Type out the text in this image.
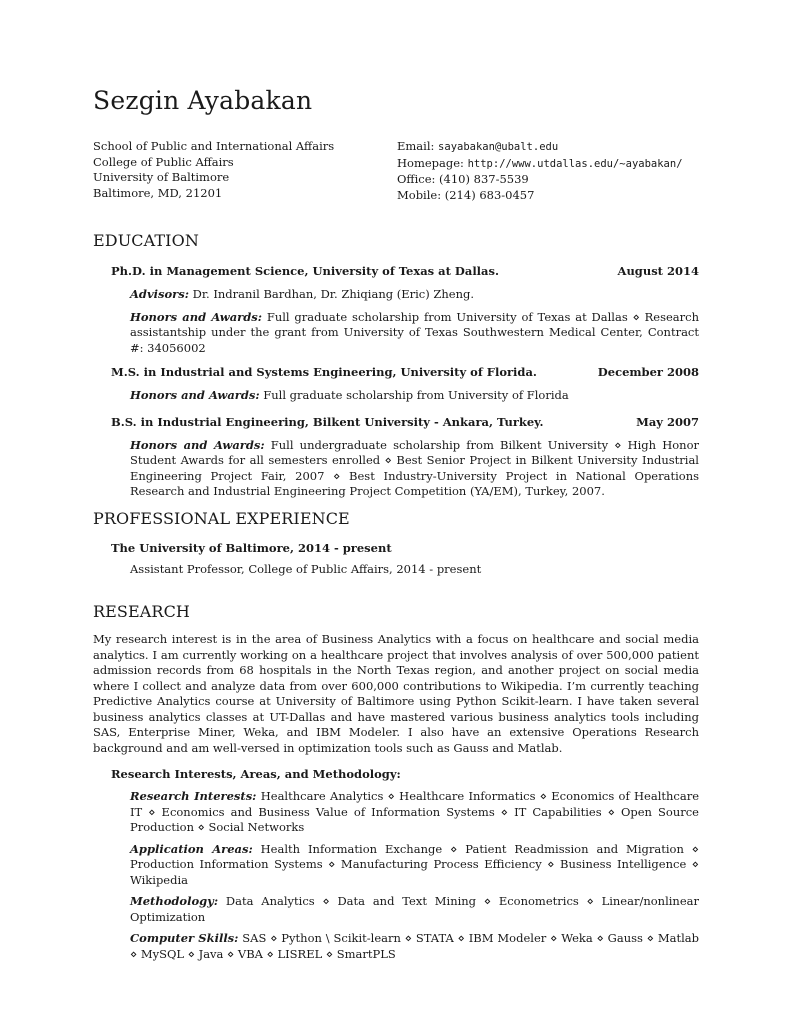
Sezgin Ayabakan
School of Public and International Affairs
College of Public Affairs
University of Baltimore
Baltimore, MD, 21201
Email: sayabakan@ubalt.edu
Homepage: http://www.utdallas.edu/~ayabakan/
Office: (410) 837-5539
Mobile: (214) 683-0457
EDUCATION
Ph.D. in Management Science, University of Texas at Dallas.	August 2014
Advisors: Dr. Indranil Bardhan, Dr. Zhiqiang (Eric) Zheng.
Honors and Awards: Full graduate scholarship from University of Texas at Dallas ⋄ Research assistantship under the grant from University of Texas Southwestern Medical Center, Contract #: 34056002
M.S. in Industrial and Systems Engineering, University of Florida.	December 2008
Honors and Awards: Full graduate scholarship from University of Florida
B.S. in Industrial Engineering, Bilkent University - Ankara, Turkey.	May 2007
Honors and Awards: Full undergraduate scholarship from Bilkent University ⋄ High Honor Student Awards for all semesters enrolled ⋄ Best Senior Project in Bilkent University Industrial Engineering Project Fair, 2007 ⋄ Best Industry-University Project in National Operations Research and Industrial Engineering Project Competition (YA/EM), Turkey, 2007.
PROFESSIONAL EXPERIENCE
The University of Baltimore, 2014 - present
Assistant Professor, College of Public Affairs, 2014 - present
RESEARCH
My research interest is in the area of Business Analytics with a focus on healthcare and social media analytics. I am currently working on a healthcare project that involves analysis of over 500,000 patient admission records from 68 hospitals in the North Texas region, and another project on social media where I collect and analyze data from over 600,000 contributions to Wikipedia. I’m currently teaching Predictive Analytics course at University of Baltimore using Python Scikit-learn. I have taken several business analytics classes at UT-Dallas and have mastered various business analytics tools including SAS, Enterprise Miner, Weka, and IBM Modeler. I also have an extensive Operations Research background and am well-versed in optimization tools such as Gauss and Matlab.
Research Interests, Areas, and Methodology:
Research Interests: Healthcare Analytics ⋄ Healthcare Informatics ⋄ Economics of Healthcare IT ⋄ Economics and Business Value of Information Systems ⋄ IT Capabilities ⋄ Open Source Production ⋄ Social Networks
Application Areas: Health Information Exchange ⋄ Patient Readmission and Migration ⋄ Production Information Systems ⋄ Manufacturing Process Efficiency ⋄ Business Intelligence ⋄ Wikipedia
Methodology: Data Analytics ⋄ Data and Text Mining ⋄ Econometrics ⋄ Linear/nonlinear Optimization
Computer Skills: SAS ⋄ Python \ Scikit-learn ⋄ STATA ⋄ IBM Modeler ⋄ Weka ⋄ Gauss ⋄ Matlab ⋄ MySQL ⋄ Java ⋄ VBA ⋄ LISREL ⋄ SmartPLS
